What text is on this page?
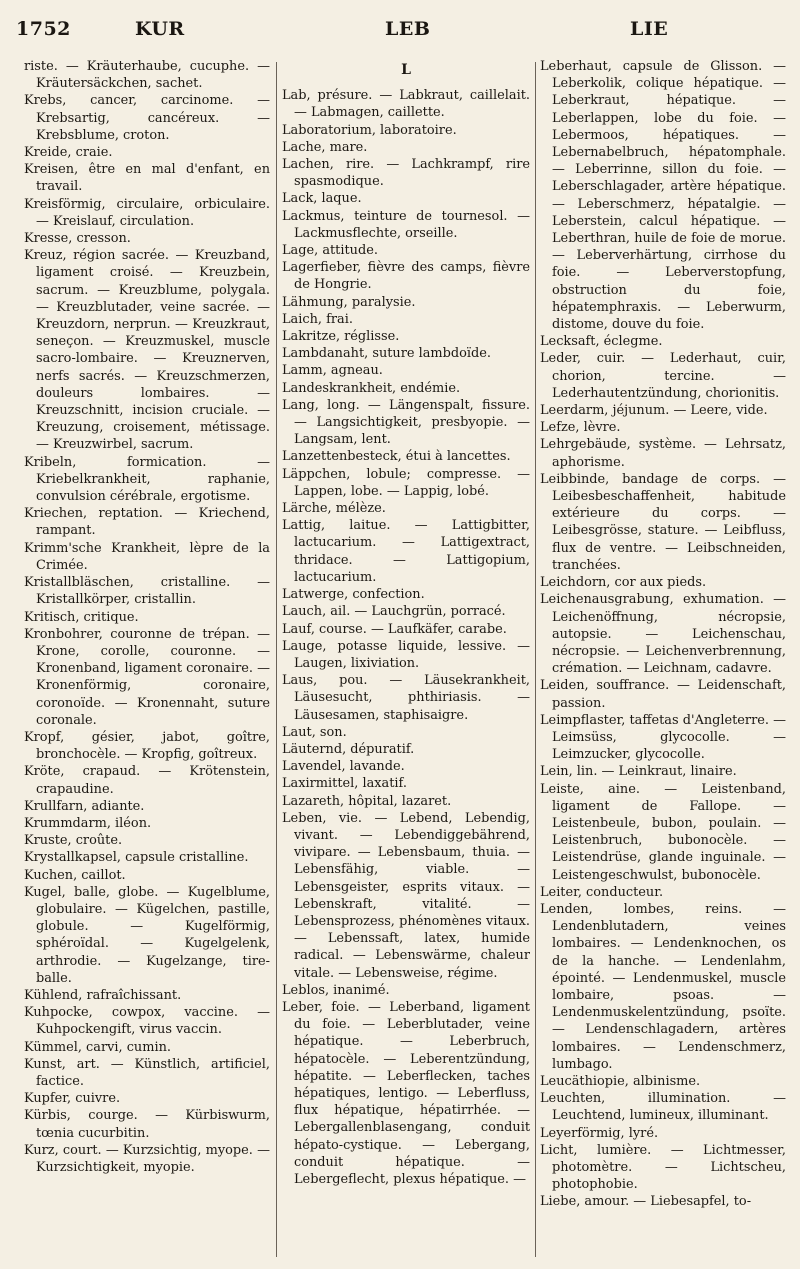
1752	KUR	LEB	LIE

riste. — Kräuterhaube, cucuphe. — Kräutersäckchen, sachet.

Krebs, cancer, carcinome. — Krebsartig, cancéreux. — Krebsblume, croton.

Kreide, craie.

Kreisen, être en mal d'enfant, en travail.

Kreisförmig, circulaire, orbiculaire. — Kreislauf, circulation.

Kresse, cresson.

Kreuz, région sacrée. — Kreuzband, ligament croisé. — Kreuzbein, sacrum. — Kreuzblume, polygala. — Kreuzblutader, veine sacrée. — Kreuzdorn, nerprun. — Kreuzkraut, seneçon. — Kreuzmuskel, muscle sacro-lombaire. — Kreuznerven, nerfs sacrés. — Kreuzschmerzen, douleurs lombaires. — Kreuzschnitt, incision cruciale. — Kreuzung, croisement, métissage. — Kreuzwirbel, sacrum.

Kribeln, formication. — Kriebelkrankheit, raphanie, convulsion cérébrale, ergotisme.

Kriechen, reptation. — Kriechend, rampant.

Krimm'sche Krankheit, lèpre de la Crimée.

Kristallbläschen, cristalline. — Kristallkörper, cristallin.

Kritisch, critique.

Kronbohrer, couronne de trépan. — Krone, corolle, couronne. — Kronenband, ligament coronaire. — Kronenförmig, coronaire, coronoïde. — Kronennaht, suture coronale.

Kropf, gésier, jabot, goître, bronchocèle. — Kropfig, goîtreux.

Kröte, crapaud. — Krötenstein, crapaudine.

Krullfarn, adiante.

Krummdarm, iléon.

Kruste, croûte.

Krystallkapsel, capsule cristalline.

Kuchen, caillot.

Kugel, balle, globe. — Kugelblume, globulaire. — Kügelchen, pastille, globule. — Kugelförmig, sphéroïdal. — Kugelgelenk, arthrodie. — Kugelzange, tire-balle.

Kühlend, rafraîchissant.

Kuhpocke, cowpox, vaccine. — Kuhpockengift, virus vaccin.

Kümmel, carvi, cumin.

Kunst, art. — Künstlich, artificiel, factice.

Kupfer, cuivre.

Kürbis, courge. — Kürbiswurm, tœnia cucurbitin.

Kurz, court. — Kurzsichtig, myope. — Kurzsichtigkeit, myopie.

L

Lab, présure. — Labkraut, caillelait. — Labmagen, caillette.

Laboratorium, laboratoire.

Lache, mare.

Lachen, rire. — Lachkrampf, rire spasmodique.

Lack, laque.

Lackmus, teinture de tournesol. — Lackmusflechte, orseille.

Lage, attitude.

Lagerfieber, fièvre des camps, fièvre de Hongrie.

Lähmung, paralysie.

Laich, frai.

Lakritze, réglisse.

Lambdanaht, suture lambdoïde.

Lamm, agneau.

Landeskrankheit, endémie.

Lang, long. — Längenspalt, fissure. — Langsichtigkeit, presbyopie. — Langsam, lent.

Lanzettenbesteck, étui à lancettes.

Läppchen, lobule; compresse. — Lappen, lobe. — Lappig, lobé.

Lärche, mélèze.

Lattig, laitue. — Lattigbitter, lactucarium. — Lattigextract, thridace. — Lattigopium, lactucarium.

Latwerge, confection.

Lauch, ail. — Lauchgrün, porracé.

Lauf, course. — Laufkäfer, carabe.

Lauge, potasse liquide, lessive. — Laugen, lixiviation.

Laus, pou. — Läusekrankheit, Läusesucht, phthiriasis. — Läusesamen, staphisaigre.

Laut, son.

Läuternd, dépuratif.

Lavendel, lavande.

Laxirmittel, laxatif.

Lazareth, hôpital, lazaret.

Leben, vie. — Lebend, Lebendig, vivant. — Lebendiggebährend, vivipare. — Lebensbaum, thuia. — Lebensfähig, viable. — Lebensgeister, esprits vitaux. — Lebenskraft, vitalité. — Lebensprozess, phénomènes vitaux. — Lebenssaft, latex, humide radical. — Lebenswärme, chaleur vitale. — Lebensweise, régime.

Leblos, inanimé.

Leber, foie. — Leberband, ligament du foie. — Leberblutader, veine hépatique. — Leberbruch, hépatocèle. — Leberentzündung, hépatite. — Leberflecken, taches hépatiques, lentigo. — Leberfluss, flux hépatique, hépatirrhée. — Lebergallenblasengang, conduit hépato-cystique. — Lebergang, conduit hépatique. — Lebergeflecht, plexus hépatique. —

Leberhaut, capsule de Glisson. — Leberkolik, colique hépatique. — Leberkraut, hépatique. — Leberlappen, lobe du foie. — Lebermoos, hépatiques. — Lebernabelbruch, hépatomphale. — Leberrinne, sillon du foie. — Leberschlagader, artère hépatique. — Leberschmerz, hépatalgie. — Leberstein, calcul hépatique. — Leberthran, huile de foie de morue. — Leberverhärtung, cirrhose du foie. — Leberverstopfung, obstruction du foie, hépatemphraxis. — Leberwurm, distome, douve du foie.

Lecksaft, éclegme.

Leder, cuir. — Lederhaut, cuir, chorion, tercine. — Lederhautentzündung, chorionitis.

Leerdarm, jéjunum. — Leere, vide.

Lefze, lèvre.

Lehrgebäude, système. — Lehrsatz, aphorisme.

Leibbinde, bandage de corps. — Leibesbeschaffenheit, habitude extérieure du corps. — Leibesgrösse, stature. — Leibfluss, flux de ventre. — Leibschneiden, tranchées.

Leichdorn, cor aux pieds.

Leichenausgrabung, exhumation. — Leichenöffnung, nécropsie, autopsie. — Leichenschau, nécropsie. — Leichenverbrennung, crémation. — Leichnam, cadavre.

Leiden, souffrance. — Leidenschaft, passion.

Leimpflaster, taffetas d'Angleterre. — Leimsüss, glycocolle. — Leimzucker, glycocolle.

Lein, lin. — Leinkraut, linaire.

Leiste, aine. — Leistenband, ligament de Fallope. — Leistenbeule, bubon, poulain. — Leistenbruch, bubonocèle. — Leistendrüse, glande inguinale. — Leistengeschwulst, bubonocèle.

Leiter, conducteur.

Lenden, lombes, reins. — Lendenblutadern, veines lombaires. — Lendenknochen, os de la hanche. — Lendenlahm, épointé. — Lendenmuskel, muscle lombaire, psoas. — Lendenmuskelentzündung, psoïte. — Lendenschlagadern, artères lombaires. — Lendenschmerz, lumbago.

Leucäthiopie, albinisme.

Leuchten, illumination. — Leuchtend, lumineux, illuminant.

Leyerförmig, lyré.

Licht, lumière. — Lichtmesser, photomètre. — Lichtscheu, photophobie.

Liebe, amour. — Liebesapfel, to-
